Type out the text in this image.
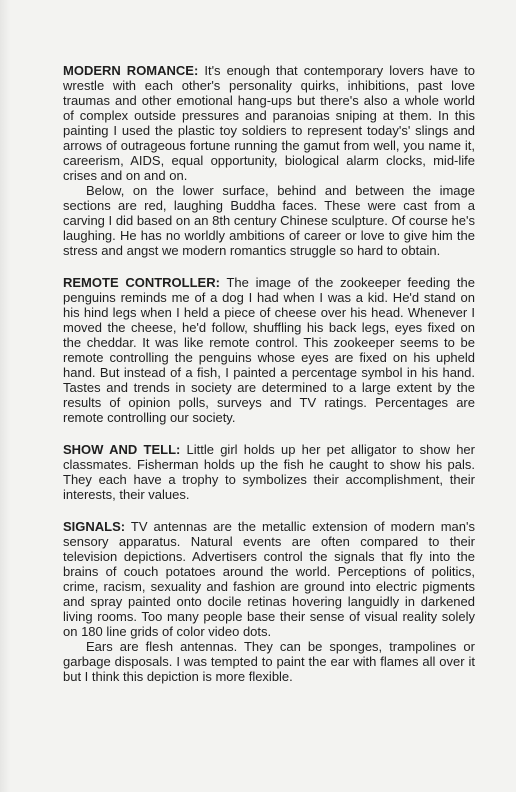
MODERN ROMANCE: It's enough that contemporary lovers have to wrestle with each other's personality quirks, inhibitions, past love traumas and other emotional hang-ups but there's also a whole world of complex outside pressures and paranoias sniping at them. In this painting I used the plastic toy soldiers to represent today's' slings and arrows of outrageous fortune running the gamut from well, you name it, careerism, AIDS, equal opportunity, biological alarm clocks, mid-life crises and on and on.

Below, on the lower surface, behind and between the image sections are red, laughing Buddha faces. These were cast from a carving I did based on an 8th century Chinese sculpture. Of course he's laughing. He has no worldly ambitions of career or love to give him the stress and angst we modern romantics struggle so hard to obtain.

REMOTE CONTROLLER: The image of the zookeeper feeding the penguins reminds me of a dog I had when I was a kid. He'd stand on his hind legs when I held a piece of cheese over his head. Whenever I moved the cheese, he'd follow, shuffling his back legs, eyes fixed on the cheddar. It was like remote control. This zookeeper seems to be remote controlling the penguins whose eyes are fixed on his upheld hand. But instead of a fish, I painted a percentage symbol in his hand. Tastes and trends in society are determined to a large extent by the results of opinion polls, surveys and TV ratings. Percentages are remote controlling our society.

SHOW AND TELL: Little girl holds up her pet alligator to show her classmates. Fisherman holds up the fish he caught to show his pals. They each have a trophy to symbolizes their accomplishment, their interests, their values.

SIGNALS: TV antennas are the metallic extension of modern man's sensory apparatus. Natural events are often compared to their television depictions. Advertisers control the signals that fly into the brains of couch potatoes around the world. Perceptions of politics, crime, racism, sexuality and fashion are ground into electric pigments and spray painted onto docile retinas hovering languidly in darkened living rooms. Too many people base their sense of visual reality solely on 180 line grids of color video dots.

Ears are flesh antennas. They can be sponges, trampolines or garbage disposals. I was tempted to paint the ear with flames all over it but I think this depiction is more flexible.
